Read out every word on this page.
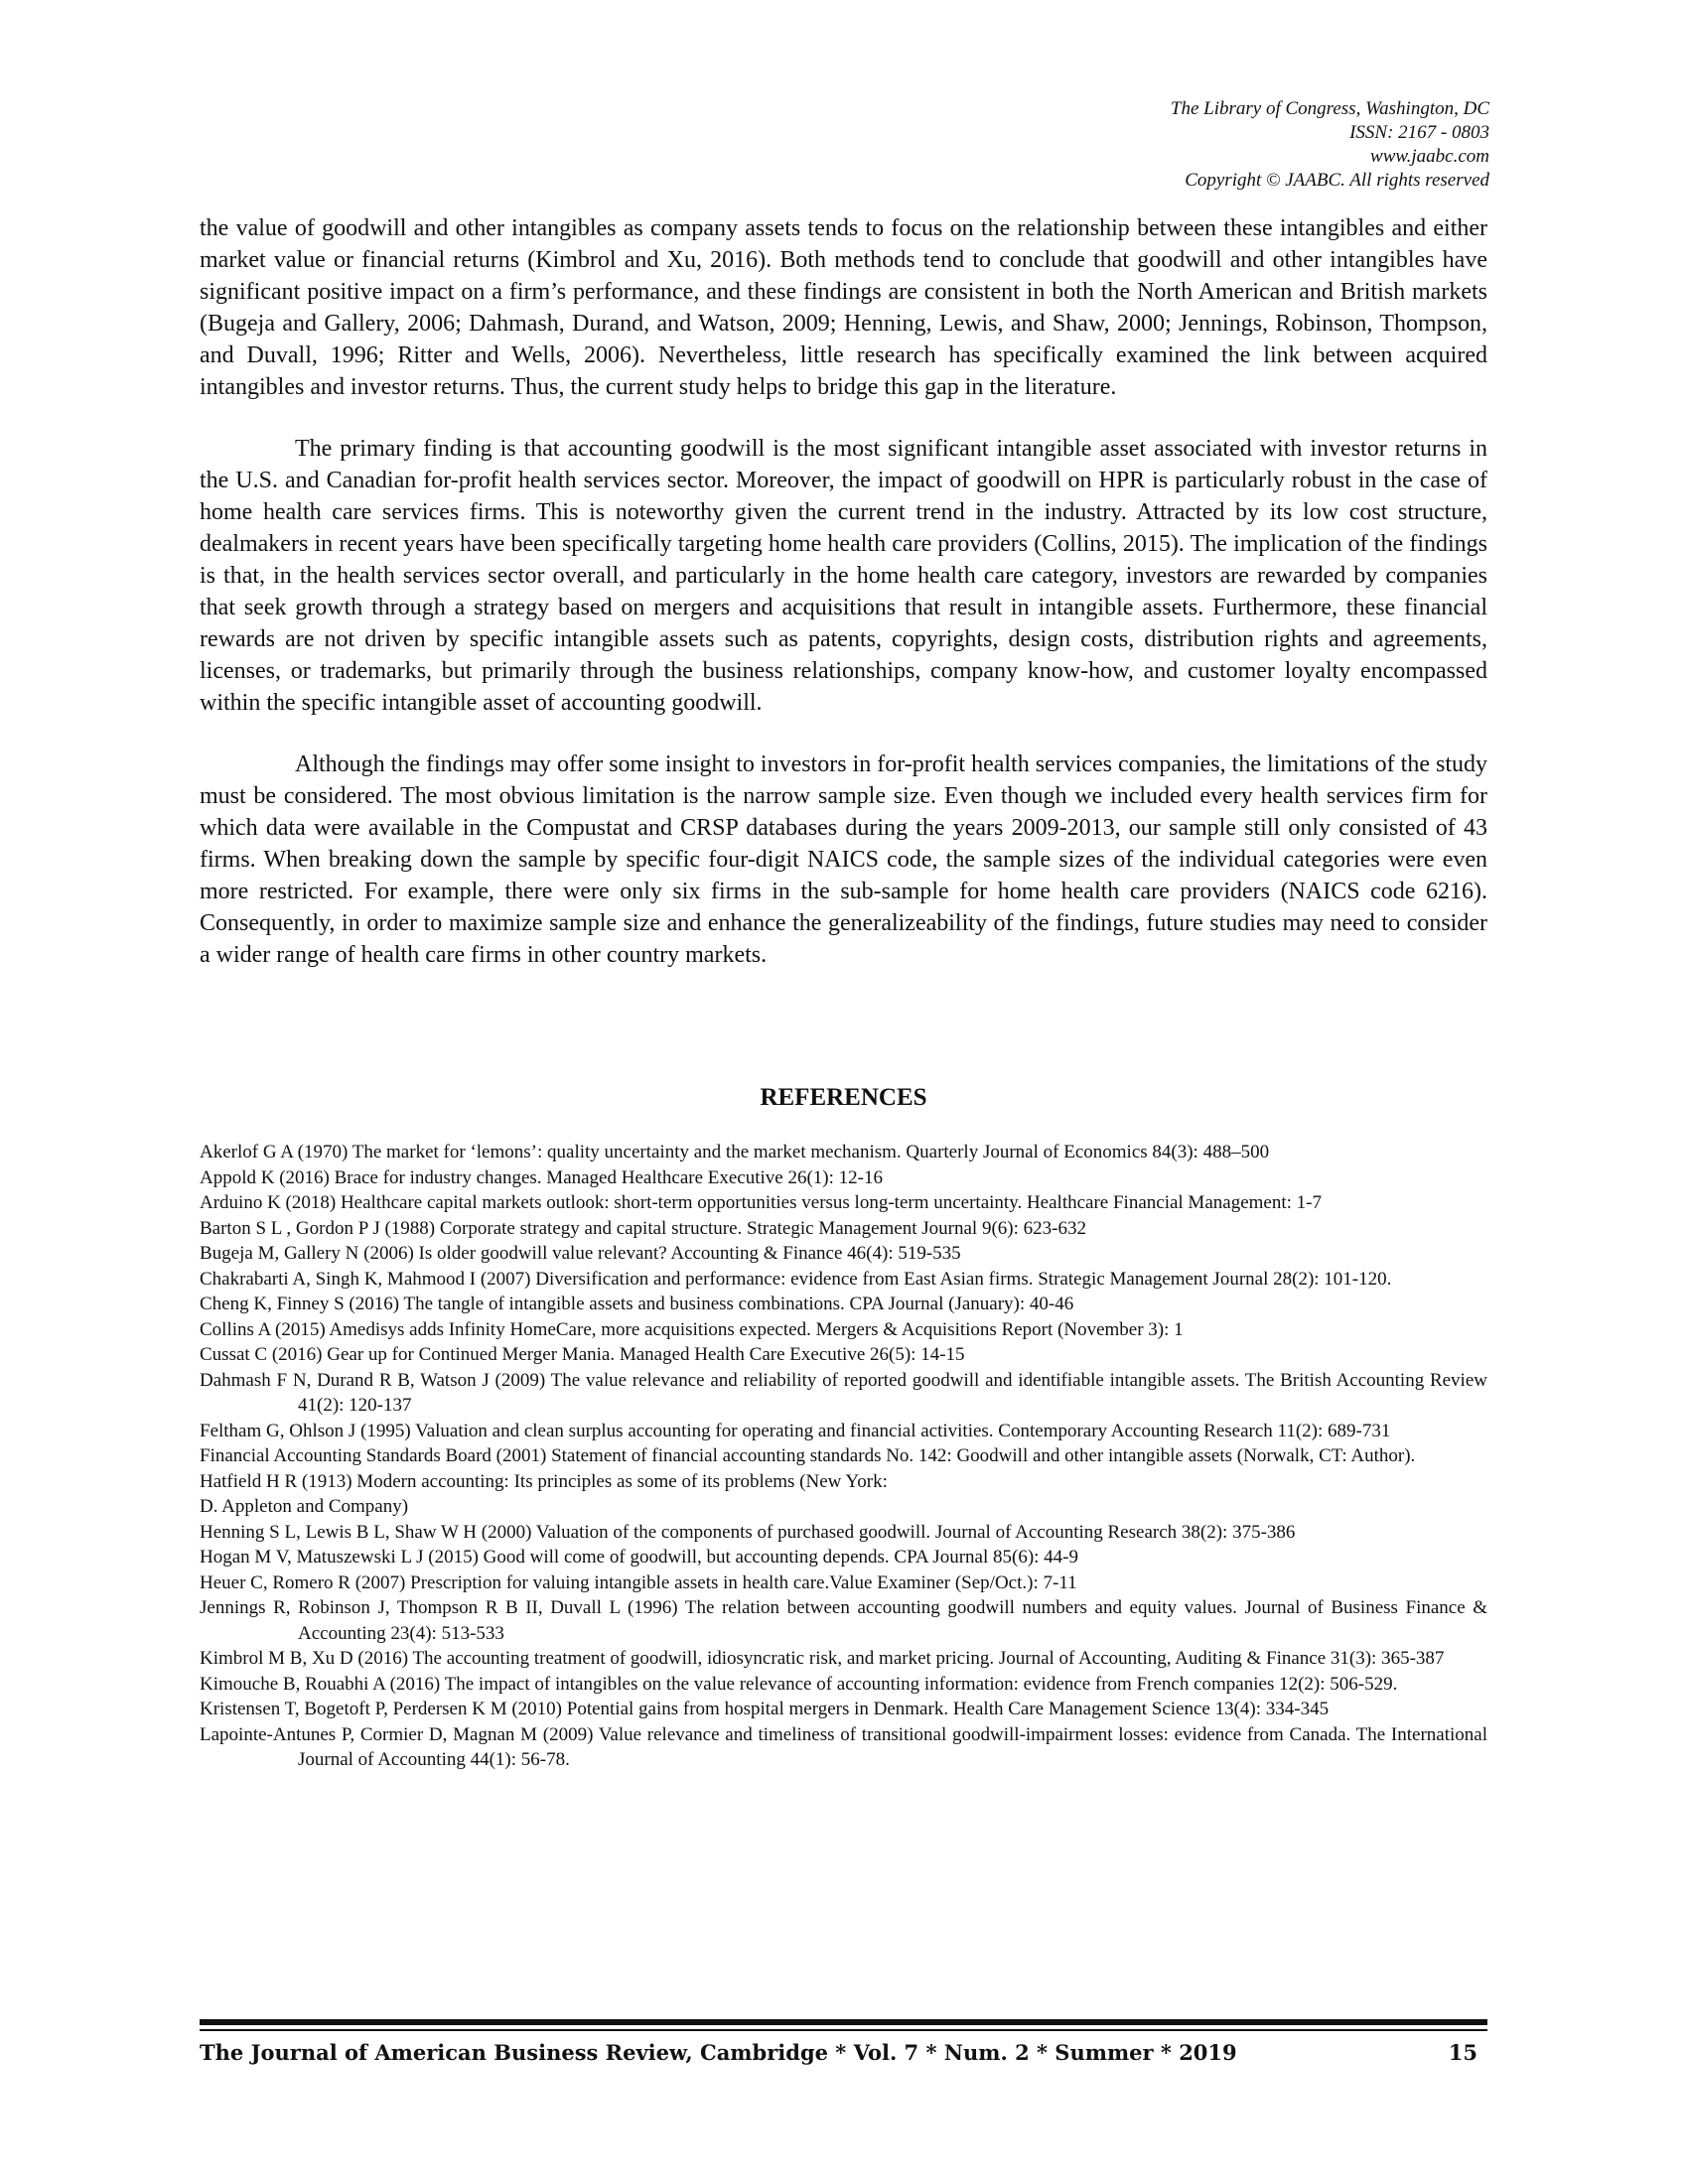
The Library of Congress, Washington, DC
ISSN: 2167 - 0803
www.jaabc.com
Copyright © JAABC. All rights reserved

the value of goodwill and other intangibles as company assets tends to focus on the relationship between these intangibles and either market value or financial returns (Kimbrol and Xu, 2016). Both methods tend to conclude that goodwill and other intangibles have significant positive impact on a firm’s performance, and these findings are consistent in both the North American and British markets (Bugeja and Gallery, 2006; Dahmash, Durand, and Watson, 2009; Henning, Lewis, and Shaw, 2000; Jennings, Robinson, Thompson, and Duvall, 1996; Ritter and Wells, 2006). Nevertheless, little research has specifically examined the link between acquired intangibles and investor returns. Thus, the current study helps to bridge this gap in the literature.

The primary finding is that accounting goodwill is the most significant intangible asset associated with investor returns in the U.S. and Canadian for-profit health services sector. Moreover, the impact of goodwill on HPR is particularly robust in the case of home health care services firms. This is noteworthy given the current trend in the industry. Attracted by its low cost structure, dealmakers in recent years have been specifically targeting home health care providers (Collins, 2015). The implication of the findings is that, in the health services sector overall, and particularly in the home health care category, investors are rewarded by companies that seek growth through a strategy based on mergers and acquisitions that result in intangible assets. Furthermore, these financial rewards are not driven by specific intangible assets such as patents, copyrights, design costs, distribution rights and agreements, licenses, or trademarks, but primarily through the business relationships, company know-how, and customer loyalty encompassed within the specific intangible asset of accounting goodwill.

Although the findings may offer some insight to investors in for-profit health services companies, the limitations of the study must be considered. The most obvious limitation is the narrow sample size. Even though we included every health services firm for which data were available in the Compustat and CRSP databases during the years 2009-2013, our sample still only consisted of 43 firms. When breaking down the sample by specific four-digit NAICS code, the sample sizes of the individual categories were even more restricted. For example, there were only six firms in the sub-sample for home health care providers (NAICS code 6216). Consequently, in order to maximize sample size and enhance the generalizeability of the findings, future studies may need to consider a wider range of health care firms in other country markets.

REFERENCES

Akerlof G A (1970) The market for ‘lemons’: quality uncertainty and the market mechanism. Quarterly Journal of Economics 84(3): 488–500

Appold K (2016) Brace for industry changes. Managed Healthcare Executive 26(1): 12-16

Arduino K (2018) Healthcare capital markets outlook: short-term opportunities versus long-term uncertainty. Healthcare Financial Management: 1-7

Barton S L , Gordon P J (1988) Corporate strategy and capital structure. Strategic Management Journal 9(6): 623-632

Bugeja M, Gallery N (2006) Is older goodwill value relevant? Accounting & Finance 46(4): 519-535

Chakrabarti A, Singh K, Mahmood I (2007) Diversification and performance: evidence from East Asian firms. Strategic Management Journal 28(2): 101-120.

Cheng K, Finney S (2016) The tangle of intangible assets and business combinations. CPA Journal (January): 40-46

Collins A (2015) Amedisys adds Infinity HomeCare, more acquisitions expected. Mergers & Acquisitions Report (November 3): 1

Cussat C (2016) Gear up for Continued Merger Mania. Managed Health Care Executive 26(5): 14-15

Dahmash F N, Durand R B, Watson J (2009) The value relevance and reliability of reported goodwill and identifiable intangible assets. The British Accounting Review 41(2): 120-137

Feltham G, Ohlson J (1995) Valuation and clean surplus accounting for operating and financial activities. Contemporary Accounting Research 11(2): 689-731

Financial Accounting Standards Board (2001) Statement of financial accounting standards No. 142: Goodwill and other intangible assets (Norwalk, CT: Author).

Hatfield H R (1913) Modern accounting: Its principles as some of its problems (New York:

D. Appleton and Company)

Henning S L, Lewis B L, Shaw W H (2000) Valuation of the components of purchased goodwill. Journal of Accounting Research 38(2): 375-386

Hogan M V, Matuszewski L J (2015) Good will come of goodwill, but accounting depends. CPA Journal 85(6): 44-9

Heuer C, Romero R (2007) Prescription for valuing intangible assets in health care.Value Examiner (Sep/Oct.): 7-11

Jennings R, Robinson J, Thompson R B II, Duvall L (1996) The relation between accounting goodwill numbers and equity values. Journal of Business Finance & Accounting 23(4): 513-533

Kimbrol M B, Xu D (2016) The accounting treatment of goodwill, idiosyncratic risk, and market pricing. Journal of Accounting, Auditing & Finance 31(3): 365-387

Kimouche B, Rouabhi A (2016) The impact of intangibles on the value relevance of accounting information: evidence from French companies 12(2): 506-529.

Kristensen T, Bogetoft P, Perdersen K M (2010) Potential gains from hospital mergers in Denmark. Health Care Management Science 13(4): 334-345

Lapointe-Antunes P, Cormier D, Magnan M (2009) Value relevance and timeliness of transitional goodwill-impairment losses: evidence from Canada. The International Journal of Accounting 44(1): 56-78.

The Journal of American Business Review, Cambridge * Vol. 7 * Num. 2 * Summer * 2019	15
